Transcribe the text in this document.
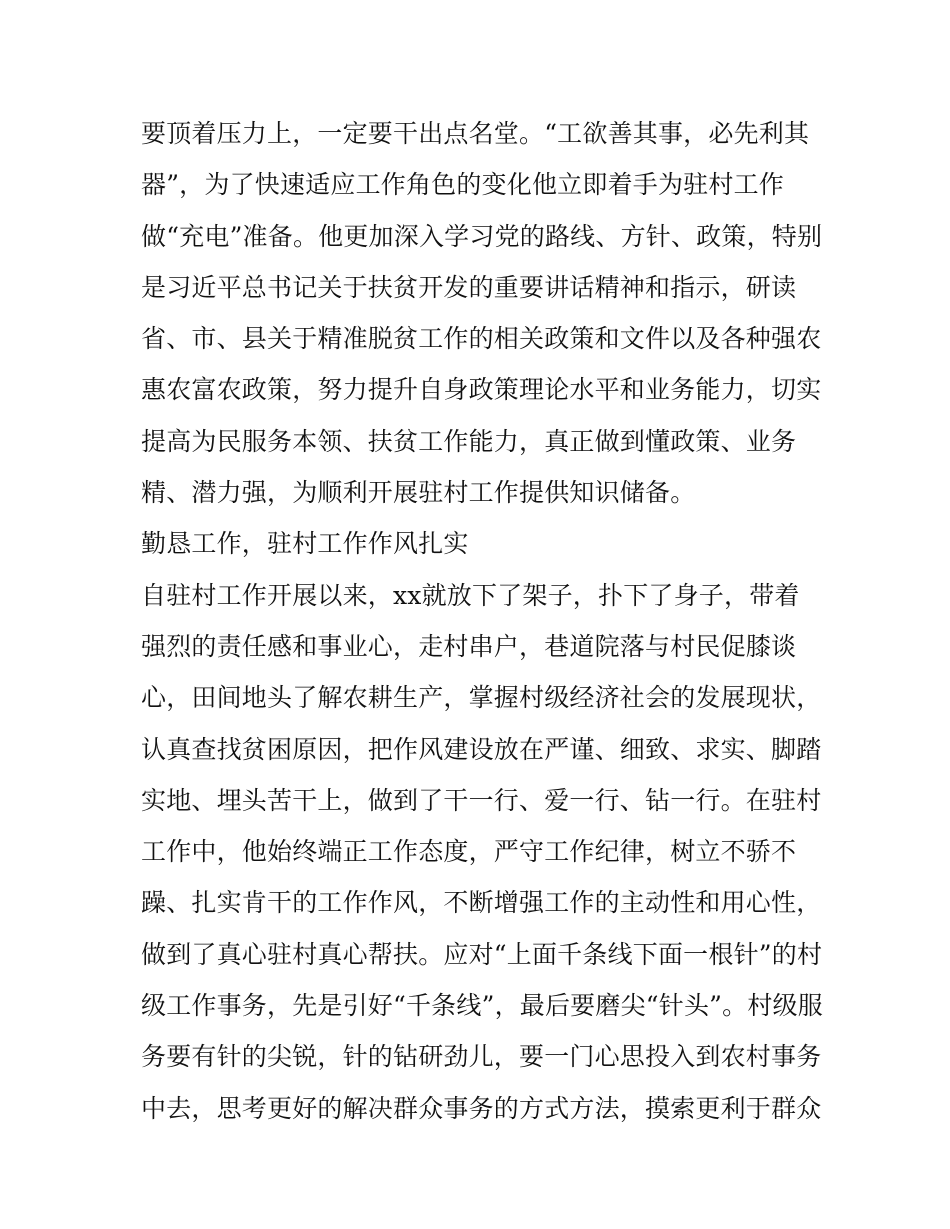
要顶着压力上，一定要干出点名堂。“工欲善其事，必先利其
器”，为了快速适应工作角色的变化他立即着手为驻村工作
做“充电”准备。他更加深入学习党的路线、方针、政策，特别
是习近平总书记关于扶贫开发的重要讲话精神和指示，研读
省、市、县关于精准脱贫工作的相关政策和文件以及各种强农
惠农富农政策，努力提升自身政策理论水平和业务能力，切实
提高为民服务本领、扶贫工作能力，真正做到懂政策、业务
精、潜力强，为顺利开展驻村工作提供知识储备。
勤恳工作，驻村工作作风扎实
自驻村工作开展以来，xx就放下了架子，扑下了身子，带着
强烈的责任感和事业心，走村串户，巷道院落与村民促膝谈
心，田间地头了解农耕生产，掌握村级经济社会的发展现状，
认真查找贫困原因，把作风建设放在严谨、细致、求实、脚踏
实地、埋头苦干上，做到了干一行、爱一行、钻一行。在驻村
工作中，他始终端正工作态度，严守工作纪律，树立不骄不
躁、扎实肯干的工作作风，不断增强工作的主动性和用心性，
做到了真心驻村真心帮扶。应对“上面千条线下面一根针”的村
级工作事务，先是引好“千条线”，最后要磨尖“针头”。村级服
务要有针的尖锐，针的钻研劲儿，要一门心思投入到农村事务
中去，思考更好的解决群众事务的方式方法，摸索更利于群众
